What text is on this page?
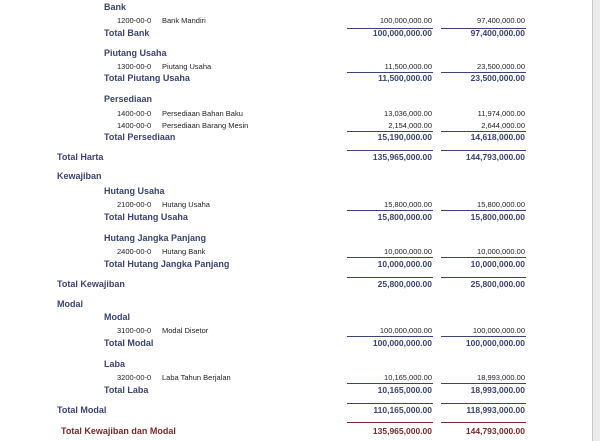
Bank
1200-00-0 Bank Mandiri	100,000,000.00	97,400,000.00
Total Bank	100,000,000.00	97,400,000.00
Piutang Usaha
1300-00-0 Piutang Usaha	11,500,000.00	23,500,000.00
Total Piutang Usaha	11,500,000.00	23,500,000.00
Persediaan
1400-00-0 Persediaan Bahan Baku	13,036,000.00	11,974,000.00
1400-00-0 Persediaan Barang Mesin	2,154,000.00	2,644,000.00
Total Persediaan	15,190,000.00	14,618,000.00
Total Harta	135,965,000.00	144,793,000.00
Kewajiban
Hutang Usaha
2100-00-0 Hutang Usaha	15,800,000.00	15,800,000.00
Total Hutang Usaha	15,800,000.00	15,800,000.00
Hutang Jangka Panjang
2400-00-0 Hutang Bank	10,000,000.00	10,000,000.00
Total Hutang Jangka Panjang	10,000,000.00	10,000,000.00
Total Kewajiban	25,800,000.00	25,800,000.00
Modal
Modal
3100-00-0 Modal Disetor	100,000,000.00	100,000,000.00
Total Modal	100,000,000.00	100,000,000.00
Laba
3200-00-0 Laba Tahun Berjalan	10,165,000.00	18,993,000.00
Total Laba	10,165,000.00	18,993,000.00
Total Modal	110,165,000.00	118,993,000.00
Total Kewajiban dan Modal	135,965,000.00	144,793,000.00
